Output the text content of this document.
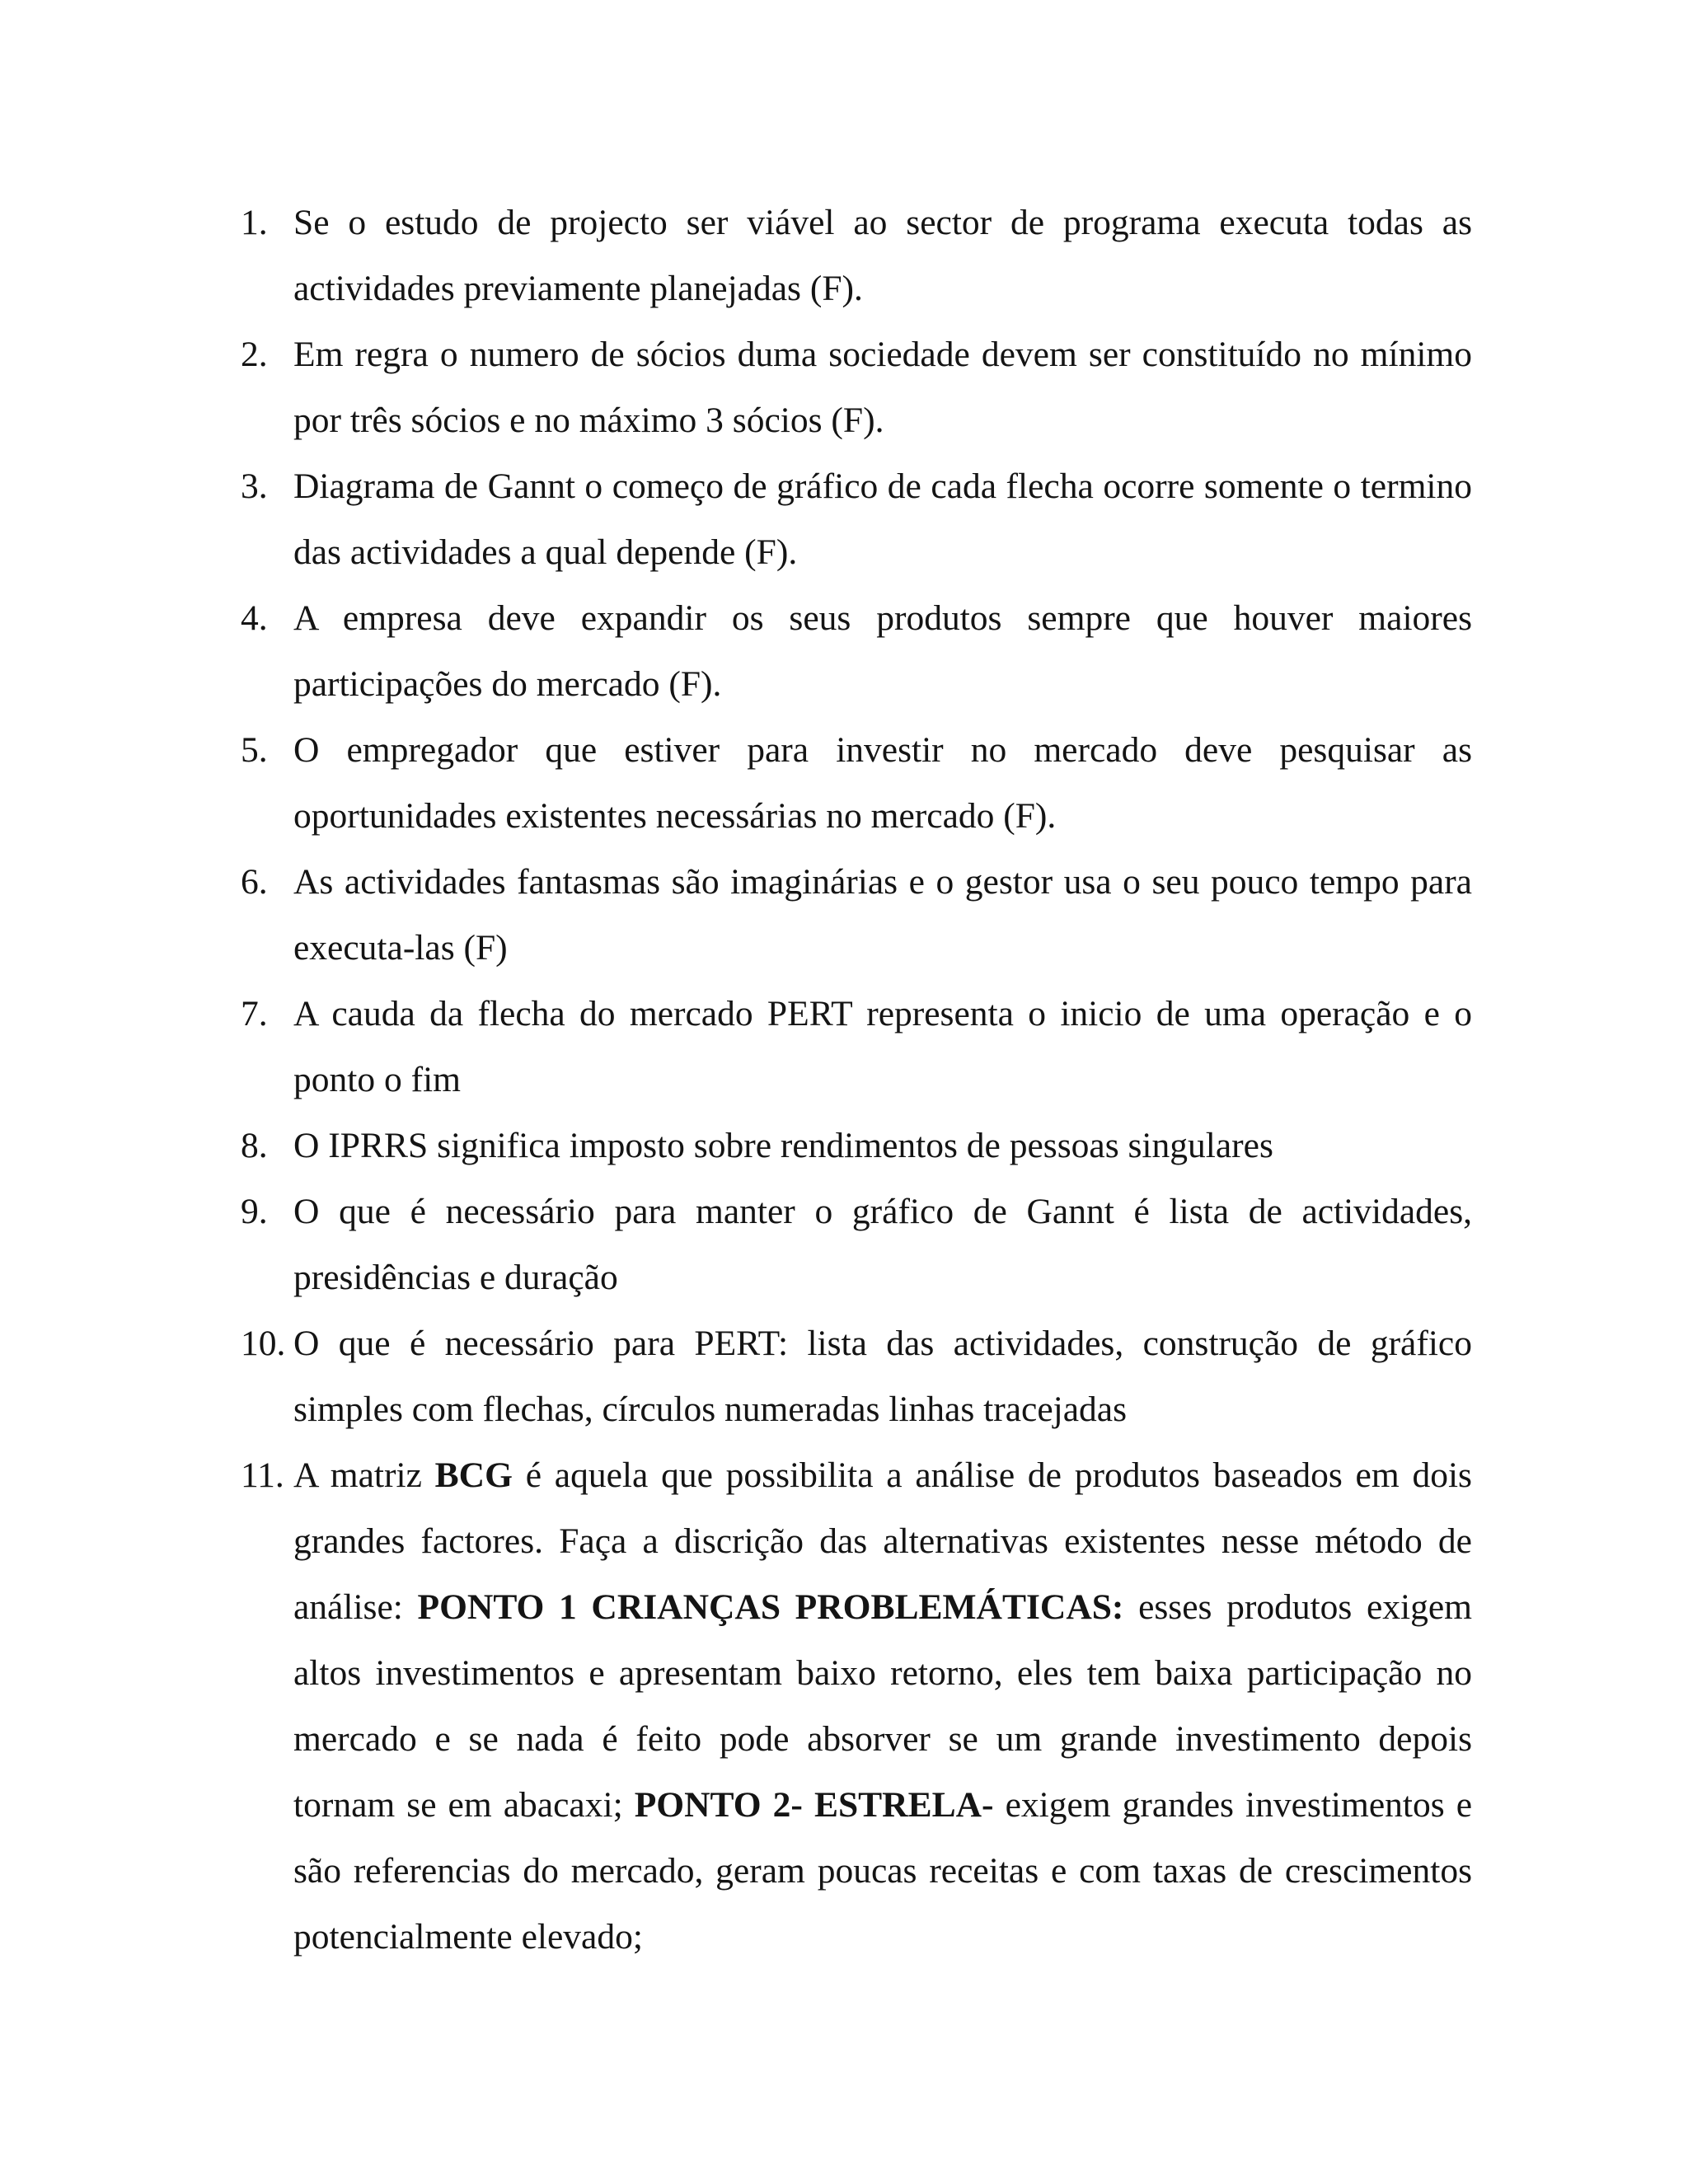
1. Se o estudo de projecto ser viável ao sector de programa executa todas as actividades previamente planejadas (F).
2. Em regra o numero de sócios duma sociedade devem ser constituído no mínimo por três sócios e no máximo 3 sócios (F).
3. Diagrama de Gannt o começo de gráfico de cada flecha ocorre somente o termino das actividades a qual depende (F).
4. A empresa deve expandir os seus produtos sempre que houver maiores participações do mercado (F).
5. O empregador que estiver para investir no mercado deve pesquisar as oportunidades existentes necessárias no mercado (F).
6. As actividades fantasmas são imaginárias e o gestor usa o seu pouco tempo para executa-las (F)
7. A cauda da flecha do mercado PERT representa o inicio de uma operação e o ponto o fim
8. O IPRRS significa imposto sobre rendimentos de pessoas singulares
9. O que é necessário para manter o gráfico de Gannt é lista de actividades, presidências e duração
10. O que é necessário para PERT: lista das actividades, construção de gráfico simples com flechas, círculos numeradas linhas tracejadas
11. A matriz BCG é aquela que possibilita a análise de produtos baseados em dois grandes factores. Faça a discrição das alternativas existentes nesse método de análise: PONTO 1 CRIANÇAS PROBLEMÁTICAS: esses produtos exigem altos investimentos e apresentam baixo retorno, eles tem baixa participação no mercado e se nada é feito pode absorver se um grande investimento depois tornam se em abacaxi; PONTO 2- ESTRELA- exigem grandes investimentos e são referencias do mercado, geram poucas receitas e com taxas de crescimentos potencialmente elevado;
